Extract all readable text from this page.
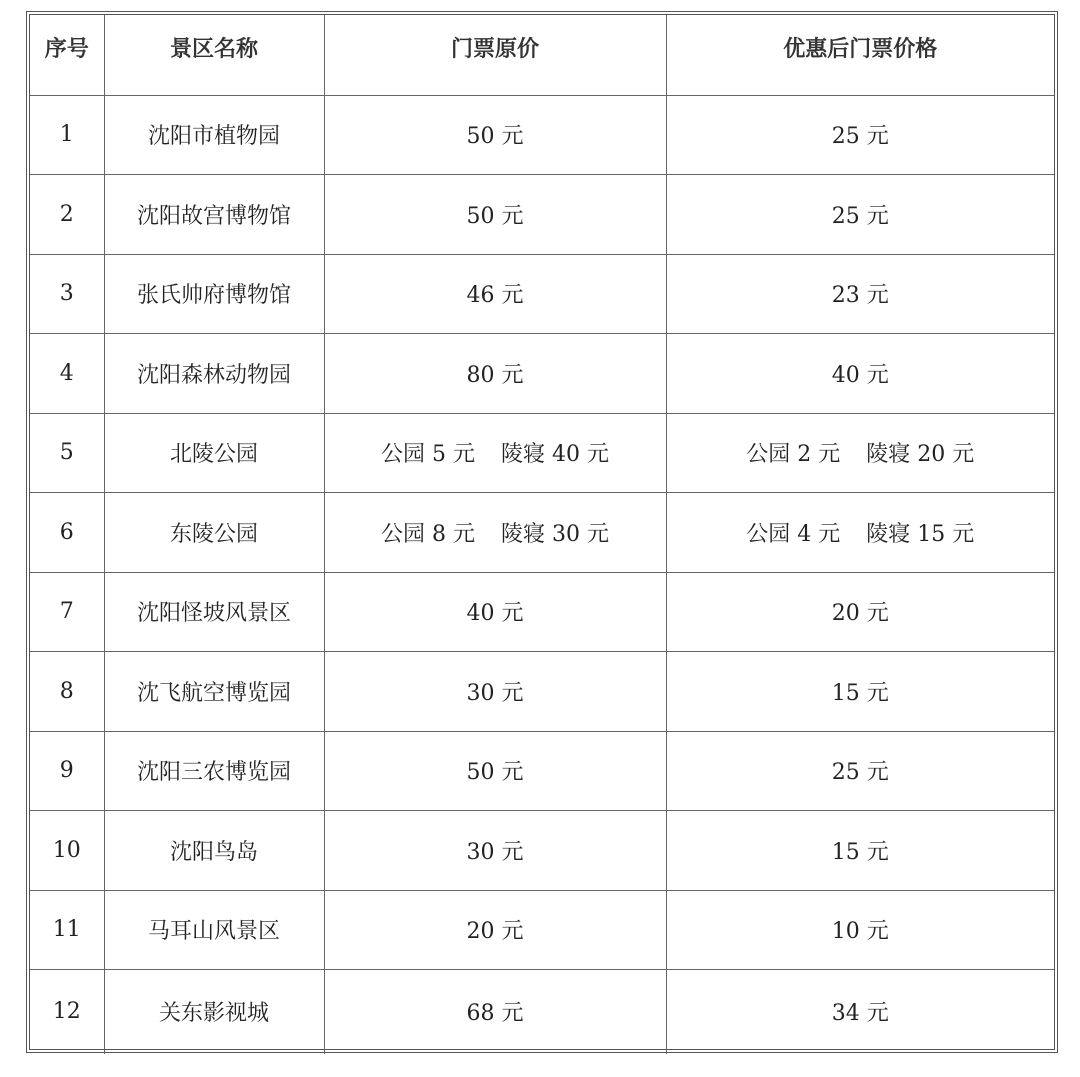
序号	景区名称	门票原价	优惠后门票价格
1	沈阳市植物园	50 元	25 元
2	沈阳故宫博物馆	50 元	25 元
3	张氏帅府博物馆	46 元	23 元
4	沈阳森林动物园	80 元	40 元
5	北陵公园	公园 5 元 陵寝 40 元	公园 2 元 陵寝 20 元
6	东陵公园	公园 8 元 陵寝 30 元	公园 4 元 陵寝 15 元
7	沈阳怪坡风景区	40 元	20 元
8	沈飞航空博览园	30 元	15 元
9	沈阳三农博览园	50 元	25 元
10	沈阳鸟岛	30 元	15 元
11	马耳山风景区	20 元	10 元
12	关东影视城	68 元	34 元
